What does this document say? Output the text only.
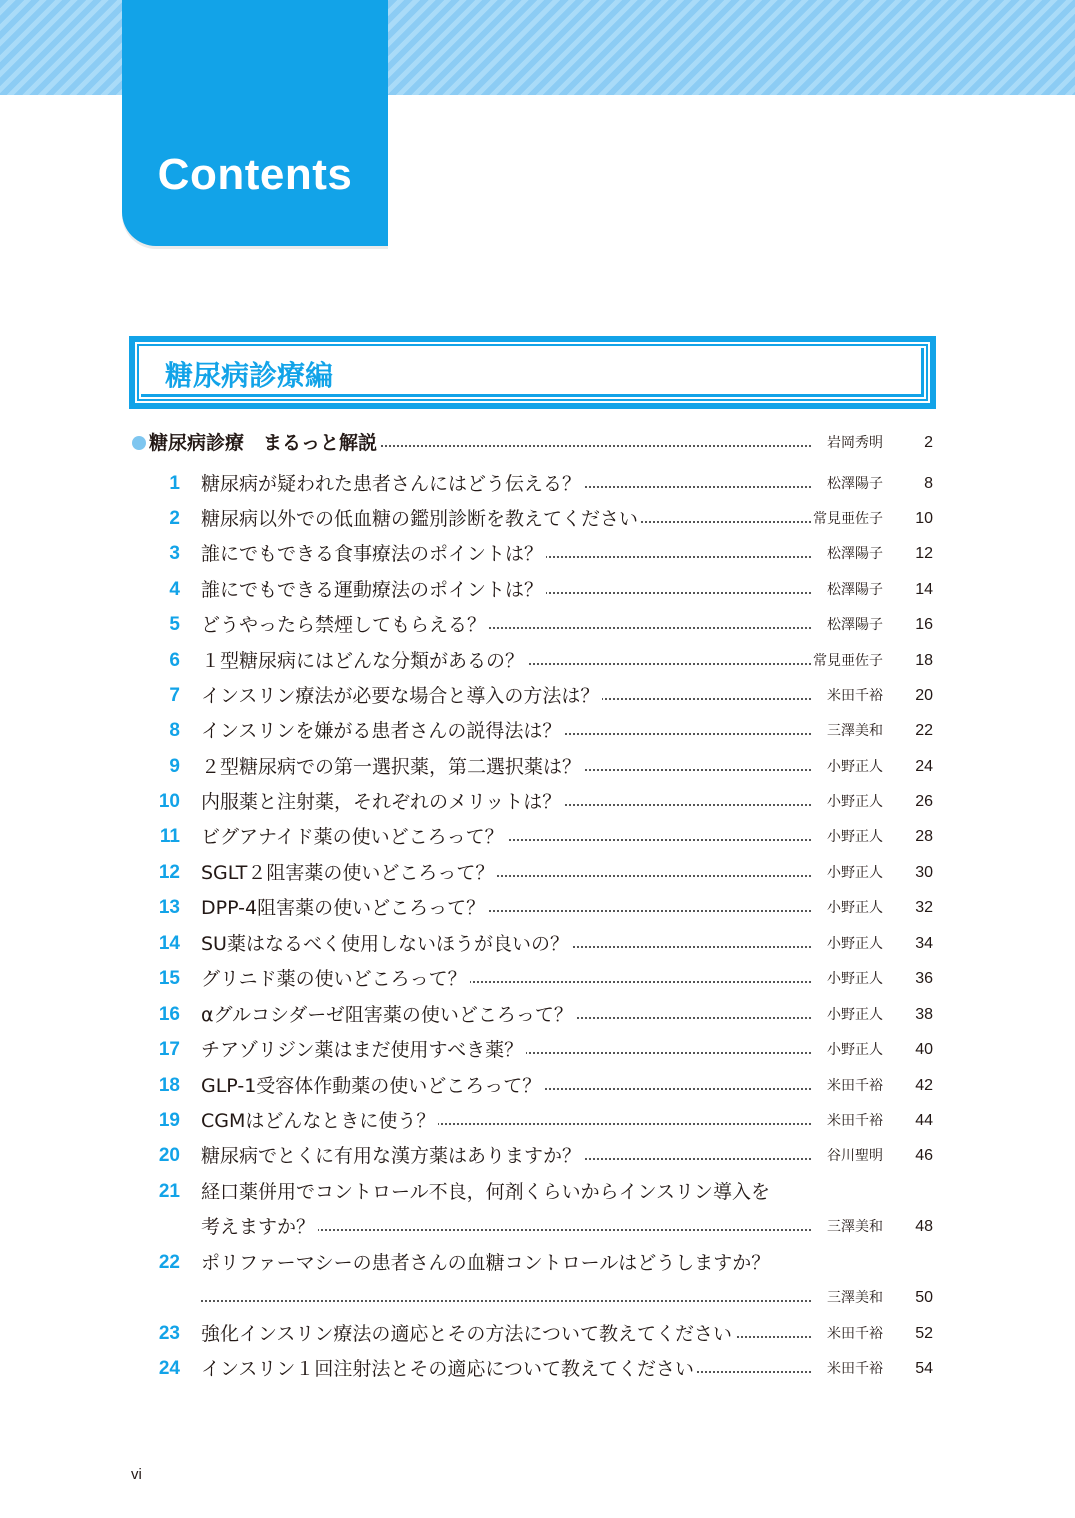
Contents
糖尿病診療編
糖尿病診療　まるっと解説	岩岡秀明	2
1 糖尿病が疑われた患者さんにはどう伝える？	松澤陽子	8
2 糖尿病以外での低血糖の鑑別診断を教えてください	常見亜佐子 10
3 誰にでもできる食事療法のポイントは？	松澤陽子 12
4 誰にでもできる運動療法のポイントは？	松澤陽子 14
5 どうやったら禁煙してもらえる？	松澤陽子 16
6 １型糖尿病にはどんな分類があるの？	常見亜佐子 18
7 インスリン療法が必要な場合と導入の方法は？	米田千裕 20
8 インスリンを嫌がる患者さんの説得法は？	三澤美和 22
9 ２型糖尿病での第一選択薬，第二選択薬は？	小野正人 24
10 内服薬と注射薬，それぞれのメリットは？	小野正人 26
11 ビグアナイド薬の使いどころって？	小野正人 28
12 SGLT２阻害薬の使いどころって？	小野正人 30
13 DPP-4阻害薬の使いどころって？	小野正人 32
14 SU薬はなるべく使用しないほうが良いの？	小野正人 34
15 グリニド薬の使いどころって？	小野正人 36
16 αグルコシダーゼ阻害薬の使いどころって？	小野正人 38
17 チアゾリジン薬はまだ使用すべき薬？	小野正人 40
18 GLP-1受容体作動薬の使いどころって？	米田千裕 42
19 CGMはどんなときに使う？	米田千裕 44
20 糖尿病でとくに有用な漢方薬はありますか？	谷川聖明 46
21 経口薬併用でコントロール不良，何剤くらいからインスリン導入を
考えますか？	三澤美和 48
22 ポリファーマシーの患者さんの血糖コントロールはどうしますか？
三澤美和 50
23 強化インスリン療法の適応とその方法について教えてください	米田千裕 52
24 インスリン１回注射法とその適応について教えてください	米田千裕 54
vi
